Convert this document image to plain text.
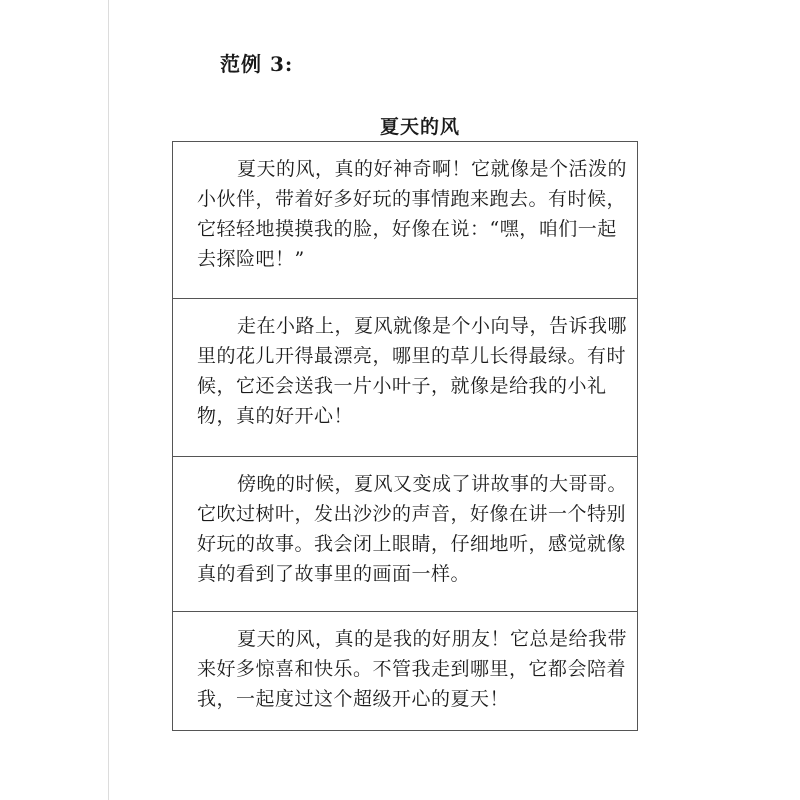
范例 3:
夏天的风
夏天的风，真的好神奇啊！它就像是个活泼的小伙伴，带着好多好玩的事情跑来跑去。有时候，它轻轻地摸摸我的脸，好像在说：“嘿，咱们一起去探险吧！”
走在小路上，夏风就像是个小向导，告诉我哪里的花儿开得最漂亮，哪里的草儿长得最绿。有时候，它还会送我一片小叶子，就像是给我的小礼物，真的好开心！
傍晚的时候，夏风又变成了讲故事的大哥哥。它吹过树叶，发出沙沙的声音，好像在讲一个特别好玩的故事。我会闭上眼睛，仔细地听，感觉就像真的看到了故事里的画面一样。
夏天的风，真的是我的好朋友！它总是给我带来好多惊喜和快乐。不管我走到哪里，它都会陪着我，一起度过这个超级开心的夏天！
